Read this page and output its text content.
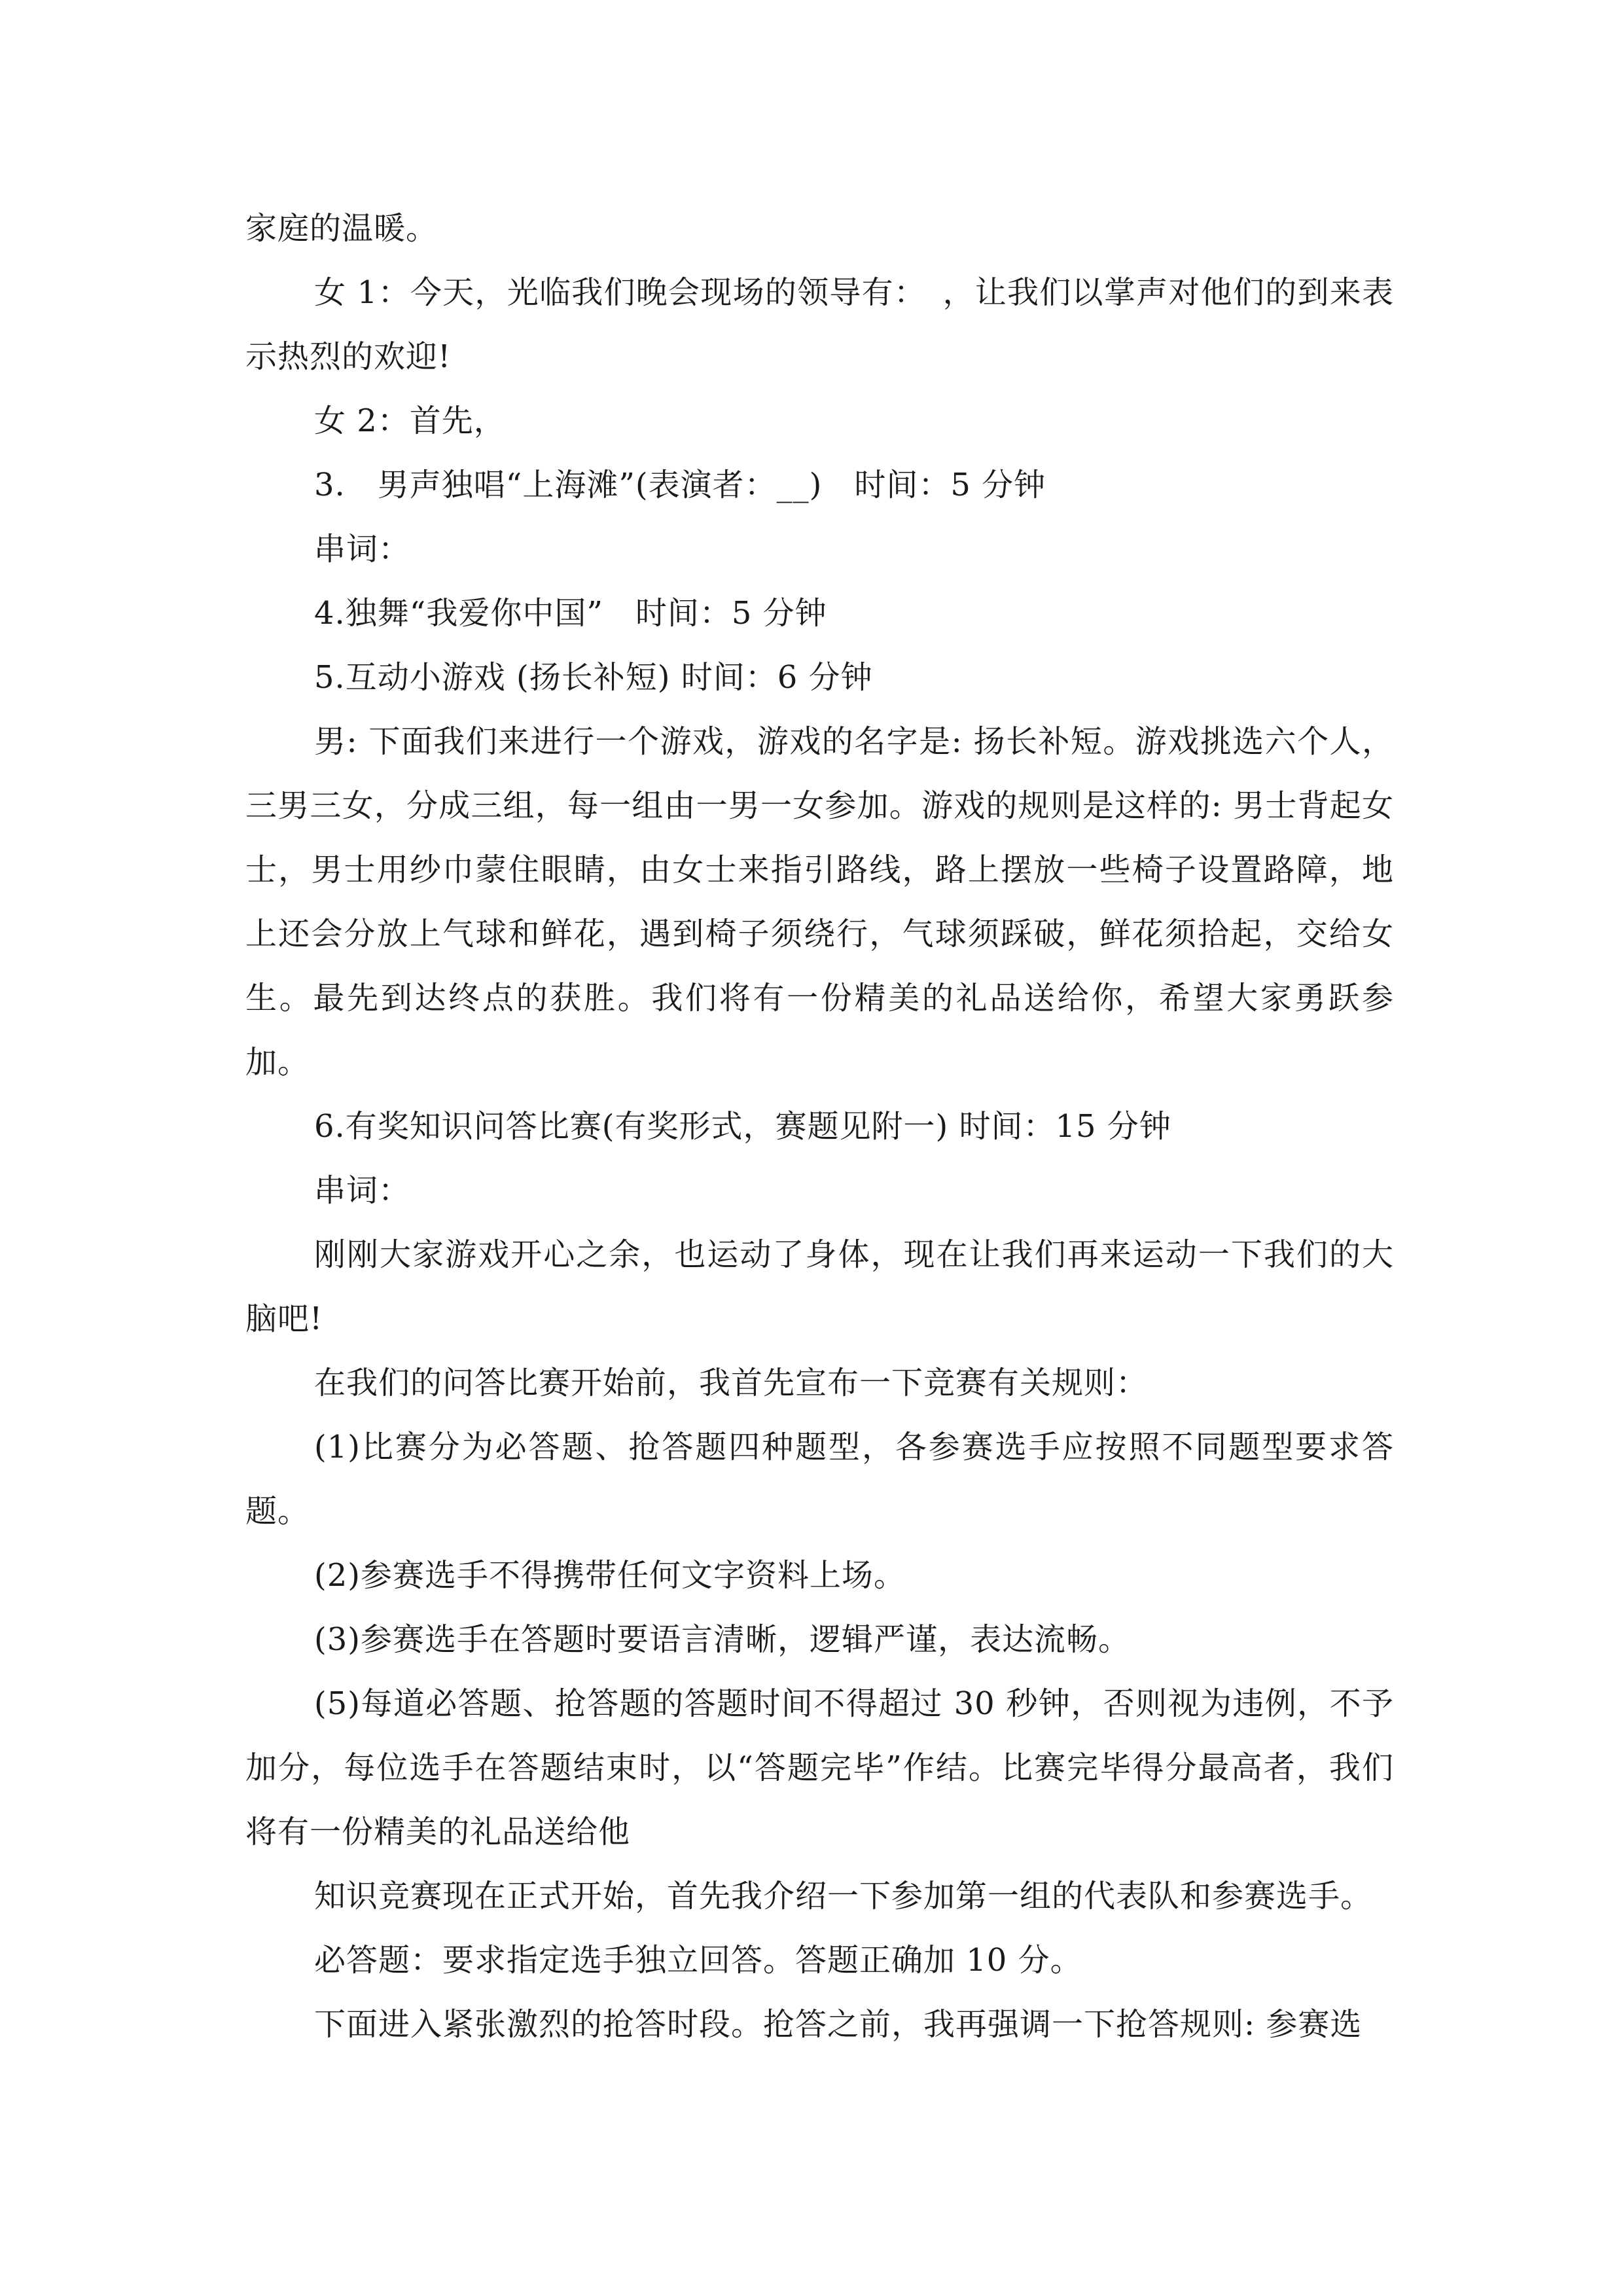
家庭的温暖。

女 1：今天，光临我们晚会现场的领导有：　，让我们以掌声对他们的到来表示热烈的欢迎!

女 2：首先，

3.　男声独唱“上海滩”(表演者：__)　时间：5 分钟

串词：

4.独舞“我爱你中国”　时间：5 分钟

5.互动小游戏 (扬长补短) 时间：6 分钟

男: 下面我们来进行一个游戏，游戏的名字是: 扬长补短。游戏挑选六个人，三男三女，分成三组，每一组由一男一女参加。游戏的规则是这样的: 男士背起女士，男士用纱巾蒙住眼睛，由女士来指引路线，路上摆放一些椅子设置路障，地上还会分放上气球和鲜花，遇到椅子须绕行，气球须踩破，鲜花须拾起，交给女生。最先到达终点的获胜。我们将有一份精美的礼品送给你，希望大家勇跃参加。

6.有奖知识问答比赛(有奖形式，赛题见附一) 时间：15 分钟

串词：

刚刚大家游戏开心之余，也运动了身体，现在让我们再来运动一下我们的大脑吧!

在我们的问答比赛开始前，我首先宣布一下竞赛有关规则：

(1)比赛分为必答题、抢答题四种题型，各参赛选手应按照不同题型要求答题。

(2)参赛选手不得携带任何文字资料上场。

(3)参赛选手在答题时要语言清晰，逻辑严谨，表达流畅。

(5)每道必答题、抢答题的答题时间不得超过 30 秒钟，否则视为违例，不予加分，每位选手在答题结束时，以“答题完毕”作结。比赛完毕得分最高者，我们将有一份精美的礼品送给他

知识竞赛现在正式开始，首先我介绍一下参加第一组的代表队和参赛选手。

必答题：要求指定选手独立回答。答题正确加 10 分。

下面进入紧张激烈的抢答时段。抢答之前，我再强调一下抢答规则: 参赛选
